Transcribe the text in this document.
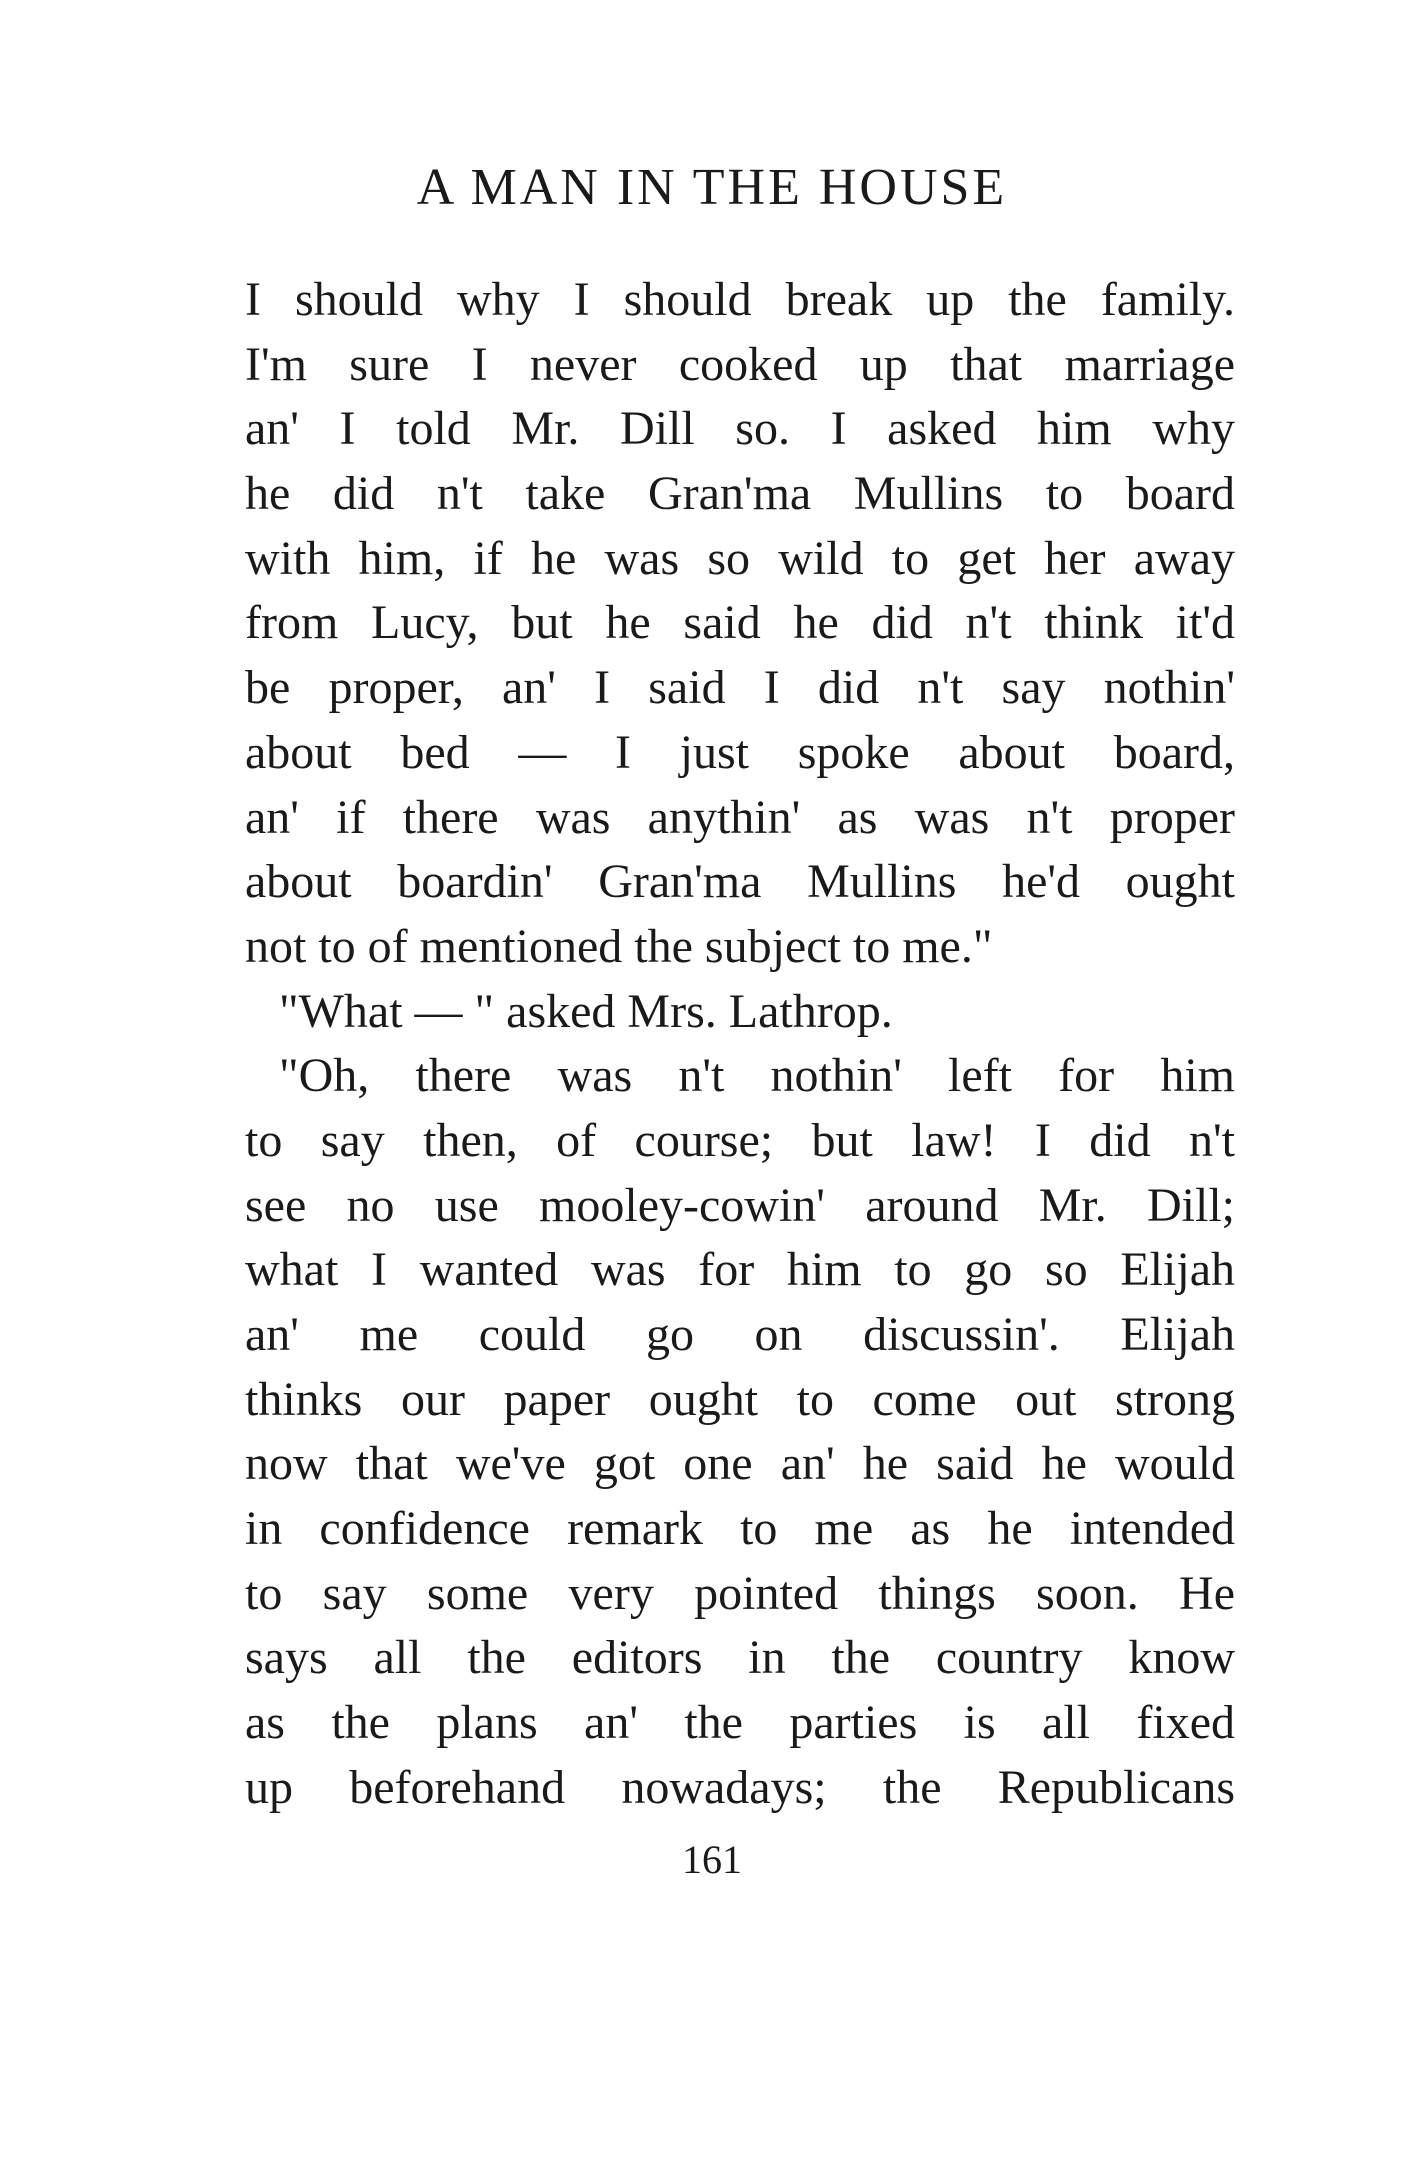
A MAN IN THE HOUSE
I should why I should break up the family.
I'm sure I never cooked up that marriage
an' I told Mr. Dill so. I asked him why
he did n't take Gran'ma Mullins to board
with him, if he was so wild to get her away
from Lucy, but he said he did n't think it'd
be proper, an' I said I did n't say nothin'
about bed — I just spoke about board,
an' if there was anythin' as was n't proper
about boardin' Gran'ma Mullins he'd ought
not to of mentioned the subject to me."
"What — " asked Mrs. Lathrop.
"Oh, there was n't nothin' left for him
to say then, of course; but law! I did n't
see no use mooley-cowin' around Mr. Dill;
what I wanted was for him to go so Elijah
an' me could go on discussin'. Elijah
thinks our paper ought to come out strong
now that we've got one an' he said he would
in confidence remark to me as he intended
to say some very pointed things soon. He
says all the editors in the country know
as the plans an' the parties is all fixed
up beforehand nowadays; the Republicans
161
